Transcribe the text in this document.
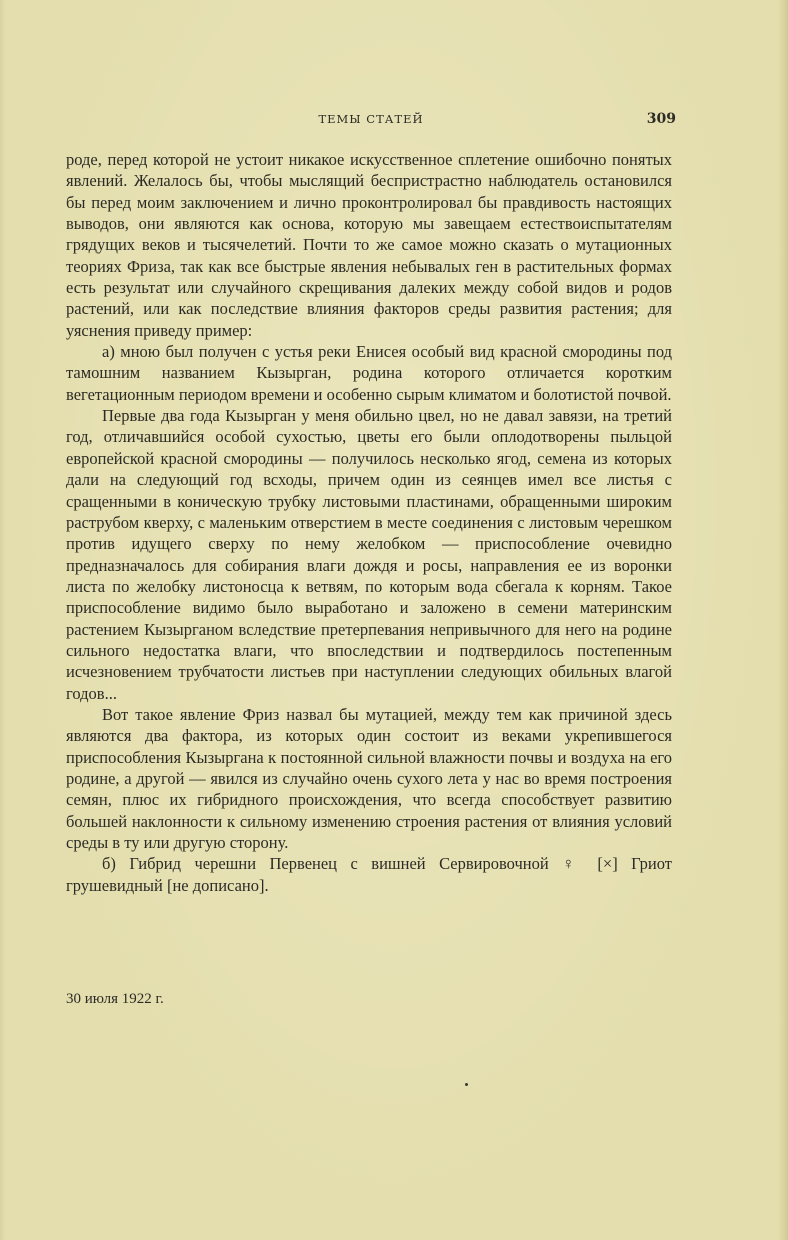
ТЕМЫ СТАТЕЙ	309

роде, перед которой не устоит никакое искусственное сплетение ошибочно понятых явлений. Желалось бы, чтобы мыслящий беспристрастно наблюдатель остановился бы перед моим заключением и лично проконтролировал бы правдивость настоящих выводов, они являются как основа, которую мы завещаем естествоиспытателям грядущих веков и тысячелетий. Почти то же самое можно сказать о мутационных теориях Фриза, так как все быстрые явления небывалых ген в растительных формах есть результат или случайного скрещивания далеких между собой видов и родов растений, или как последствие влияния факторов среды развития растения; для уяснения приведу пример:

а) мною был получен с устья реки Енисея особый вид красной смородины под тамошним названием Кызырган, родина которого отличается коротким вегетационным периодом времени и особенно сырым климатом и болотистой почвой.

Первые два года Кызырган у меня обильно цвел, но не давал завязи, на третий год, отличавшийся особой сухостью, цветы его были оплодотворены пыльцой европейской красной смородины — получилось несколько ягод, семена из которых дали на следующий год всходы, причем один из сеянцев имел все листья с сращенными в коническую трубку листовыми пластинами, обращенными широким раструбом кверху, с маленьким отверстием в месте соединения с листовым черешком против идущего сверху по нему желобком — приспособление очевидно предназначалось для собирания влаги дождя и росы, направления ее из воронки листа по желобку листоносца к ветвям, по которым вода сбегала к корням. Такое приспособление видимо было выработано и заложено в семени материнским растением Кызырганом вследствие претерпевания непривычного для него на родине сильного недостатка влаги, что впоследствии и подтвердилось постепенным исчезновением трубчатости листьев при наступлении следующих обильных влагой годов...

Вот такое явление Фриз назвал бы мутацией, между тем как причиной здесь являются два фактора, из которых один состоит из веками укрепившегося приспособления Кызыргана к постоянной сильной влажности почвы и воздуха на его родине, а другой — явился из случайно очень сухого лета у нас во время построения семян, плюс их гибридного происхождения, что всегда способствует развитию большей наклонности к сильному изменению строения растения от влияния условий среды в ту или другую сторону.

б) Гибрид черешни Первенец с вишней Сервировочной ♀ [×] Гриот грушевидный [не дописано].

30 июля 1922 г.
